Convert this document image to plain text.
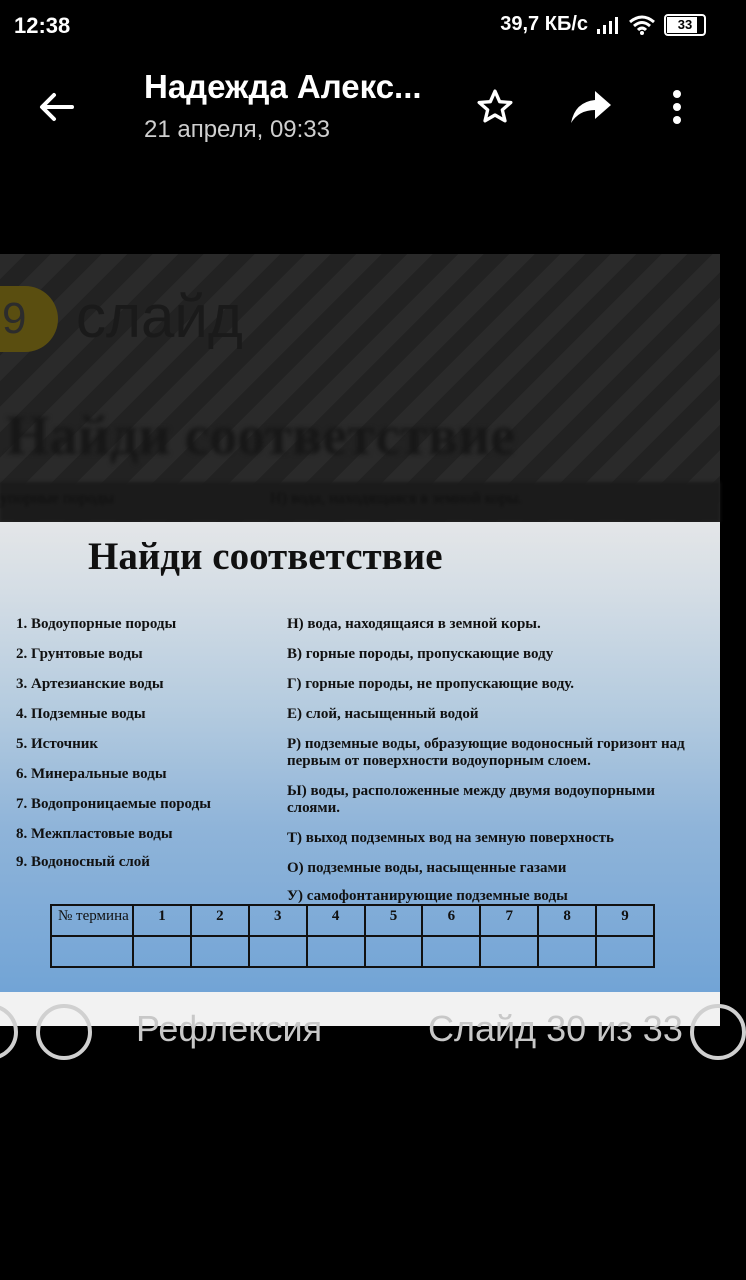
12:38	39,7 КБ/с	33
Надежда Алекс...
21 апреля, 09:33
9 слайд
Найди соответствие
упорные породы	Н) вода, находящаяся в земной коры.
Найди соответствие
1. Водоупорные породы
2. Грунтовые воды
3. Артезианские воды
4. Подземные воды
5. Источник
6. Минеральные воды
7. Водопроницаемые породы
8. Межпластовые воды
9. Водоносный слой
Н) вода, находящаяся в земной коры.
В) горные породы, пропускающие воду
Г) горные породы, не пропускающие воду.
Е) слой, насыщенный водой
Р) подземные воды, образующие водоносный горизонт над первым от поверхности водоупорным слоем.
Ы) воды, расположенные между двумя водоупорными слоями.
Т) выход подземных вод на земную поверхность
О) подземные воды, насыщенные газами
У) самофонтанирующие подземные воды
№ термина	1	2	3	4	5	6	7	8	9

Рефлексия	Слайд 30 из 33
